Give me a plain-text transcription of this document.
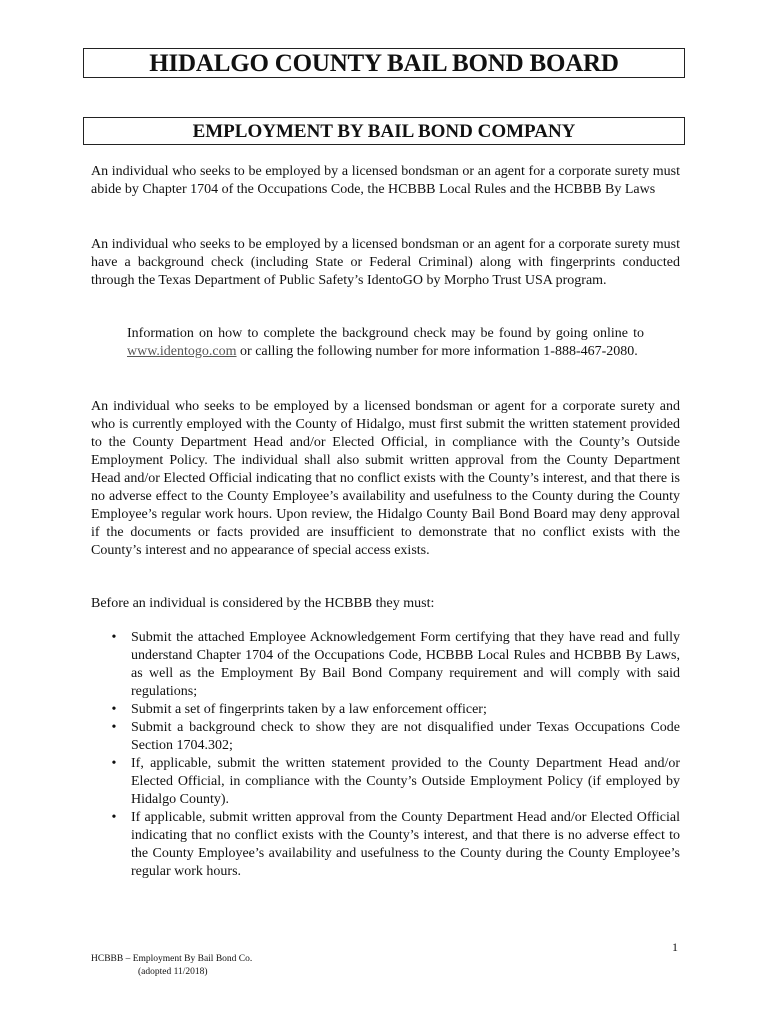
HIDALGO COUNTY BAIL BOND BOARD
EMPLOYMENT BY BAIL BOND COMPANY

An individual who seeks to be employed by a licensed bondsman or an agent for a corporate surety must abide by Chapter 1704 of the Occupations Code, the HCBBB Local Rules and the HCBBB By Laws

An individual who seeks to be employed by a licensed bondsman or an agent for a corporate surety must have a background check (including State or Federal Criminal) along with fingerprints conducted through the Texas Department of Public Safety’s IdentoGO by Morpho Trust USA program.

Information on how to complete the background check may be found by going online to www.identogo.com or calling the following number for more information 1-888-467-2080.

An individual who seeks to be employed by a licensed bondsman or agent for a corporate surety and who is currently employed with the County of Hidalgo, must first submit the written statement provided to the County Department Head and/or Elected Official, in compliance with the County’s Outside Employment Policy. The individual shall also submit written approval from the County Department Head and/or Elected Official indicating that no conflict exists with the County’s interest, and that there is no adverse effect to the County Employee’s availability and usefulness to the County during the County Employee’s regular work hours. Upon review, the Hidalgo County Bail Bond Board may deny approval if the documents or facts provided are insufficient to demonstrate that no conflict exists with the County’s interest and no appearance of special access exists.

Before an individual is considered by the HCBBB they must:

• Submit the attached Employee Acknowledgement Form certifying that they have read and fully understand Chapter 1704 of the Occupations Code, HCBBB Local Rules and HCBBB By Laws, as well as the Employment By Bail Bond Company requirement and will comply with said regulations;
• Submit a set of fingerprints taken by a law enforcement officer;
• Submit a background check to show they are not disqualified under Texas Occupations Code Section 1704.302;
• If, applicable, submit the written statement provided to the County Department Head and/or Elected Official, in compliance with the County’s Outside Employment Policy (if employed by Hidalgo County).
• If applicable, submit written approval from the County Department Head and/or Elected Official indicating that no conflict exists with the County’s interest, and that there is no adverse effect to the County Employee’s availability and usefulness to the County during the County Employee’s regular work hours.
1
HCBBB – Employment By Bail Bond Co.
(adopted 11/2018)
